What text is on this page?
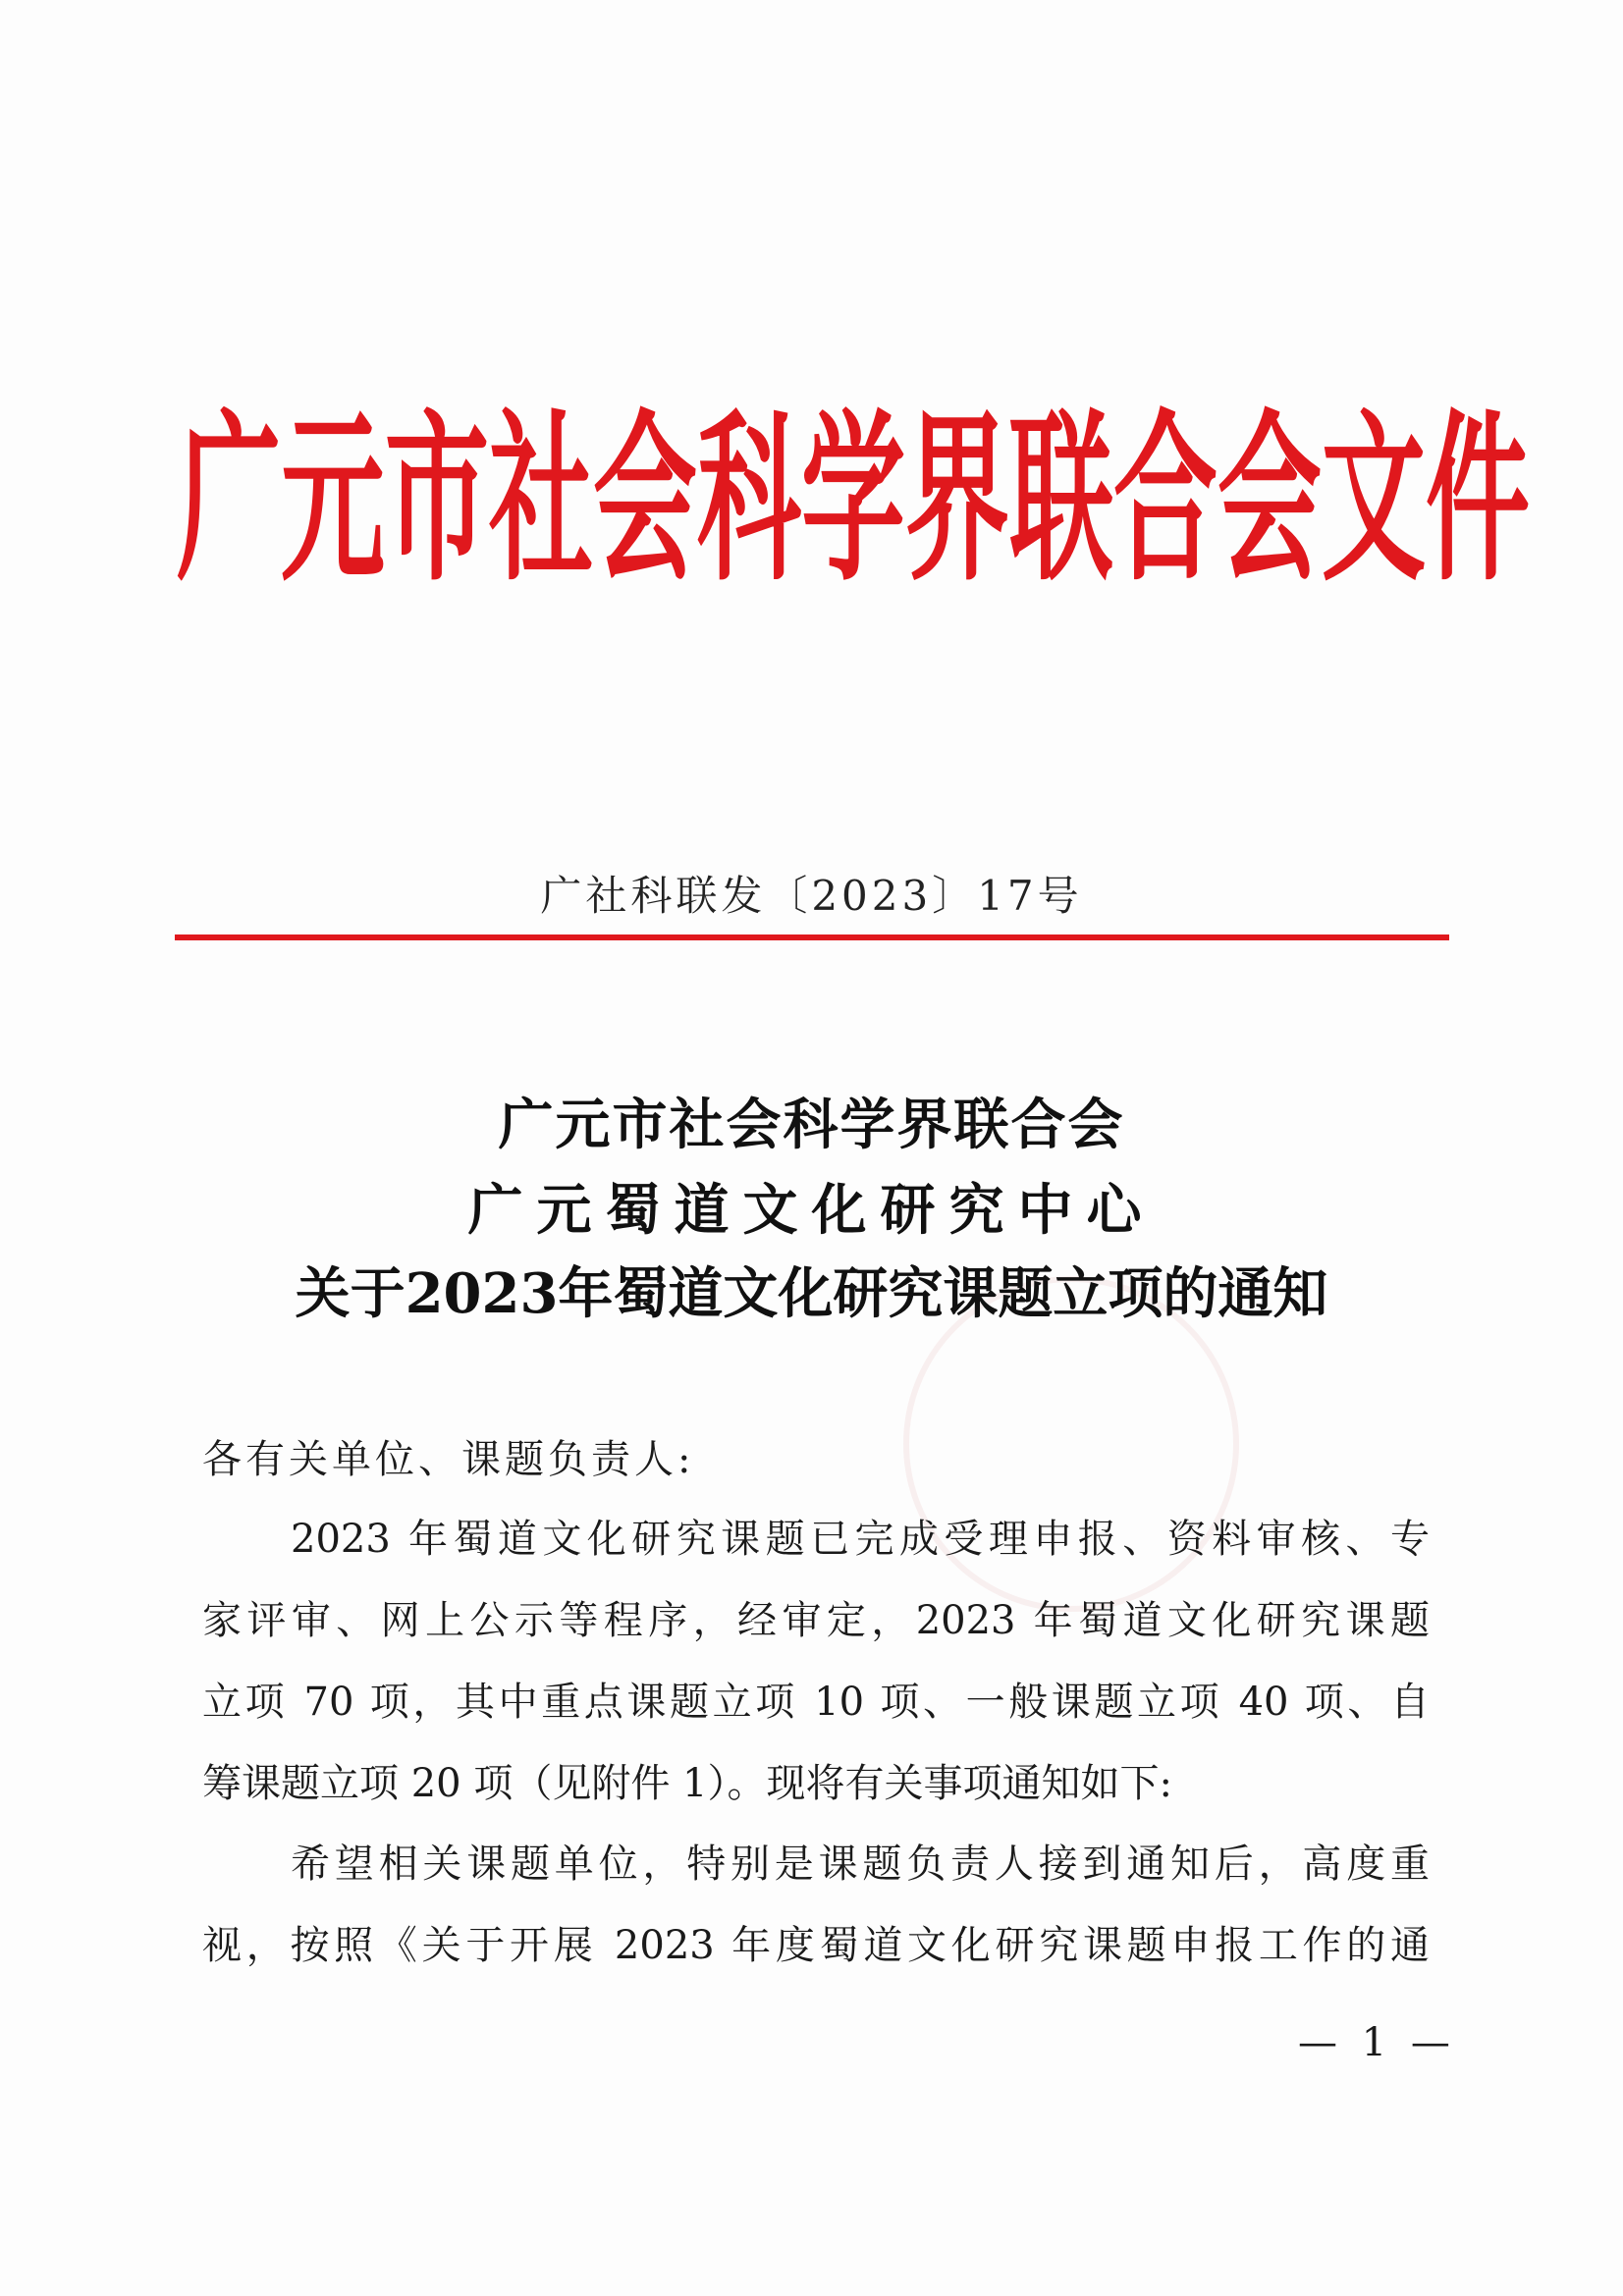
广 元 市 社 会 科 学 界 联 合 会 文 件
广社科联发〔2023〕17号
广元市社会科学界联合会
广元蜀道文化研究中心
关于2023年蜀道文化研究课题立项的通知
各有关单位、课题负责人:
2023 年蜀道文化研究课题已完成受理申报、资料审核、专
家评审、网上公示等程序，经审定，2023 年蜀道文化研究课题
立项 70 项，其中重点课题立项 10 项、一般课题立项 40 项、自
筹课题立项 20 项（见附件 1）。现将有关事项通知如下:
希望相关课题单位，特别是课题负责人接到通知后，高度重
视，按照《关于开展 2023 年度蜀道文化研究课题申报工作的通
— 1 —
